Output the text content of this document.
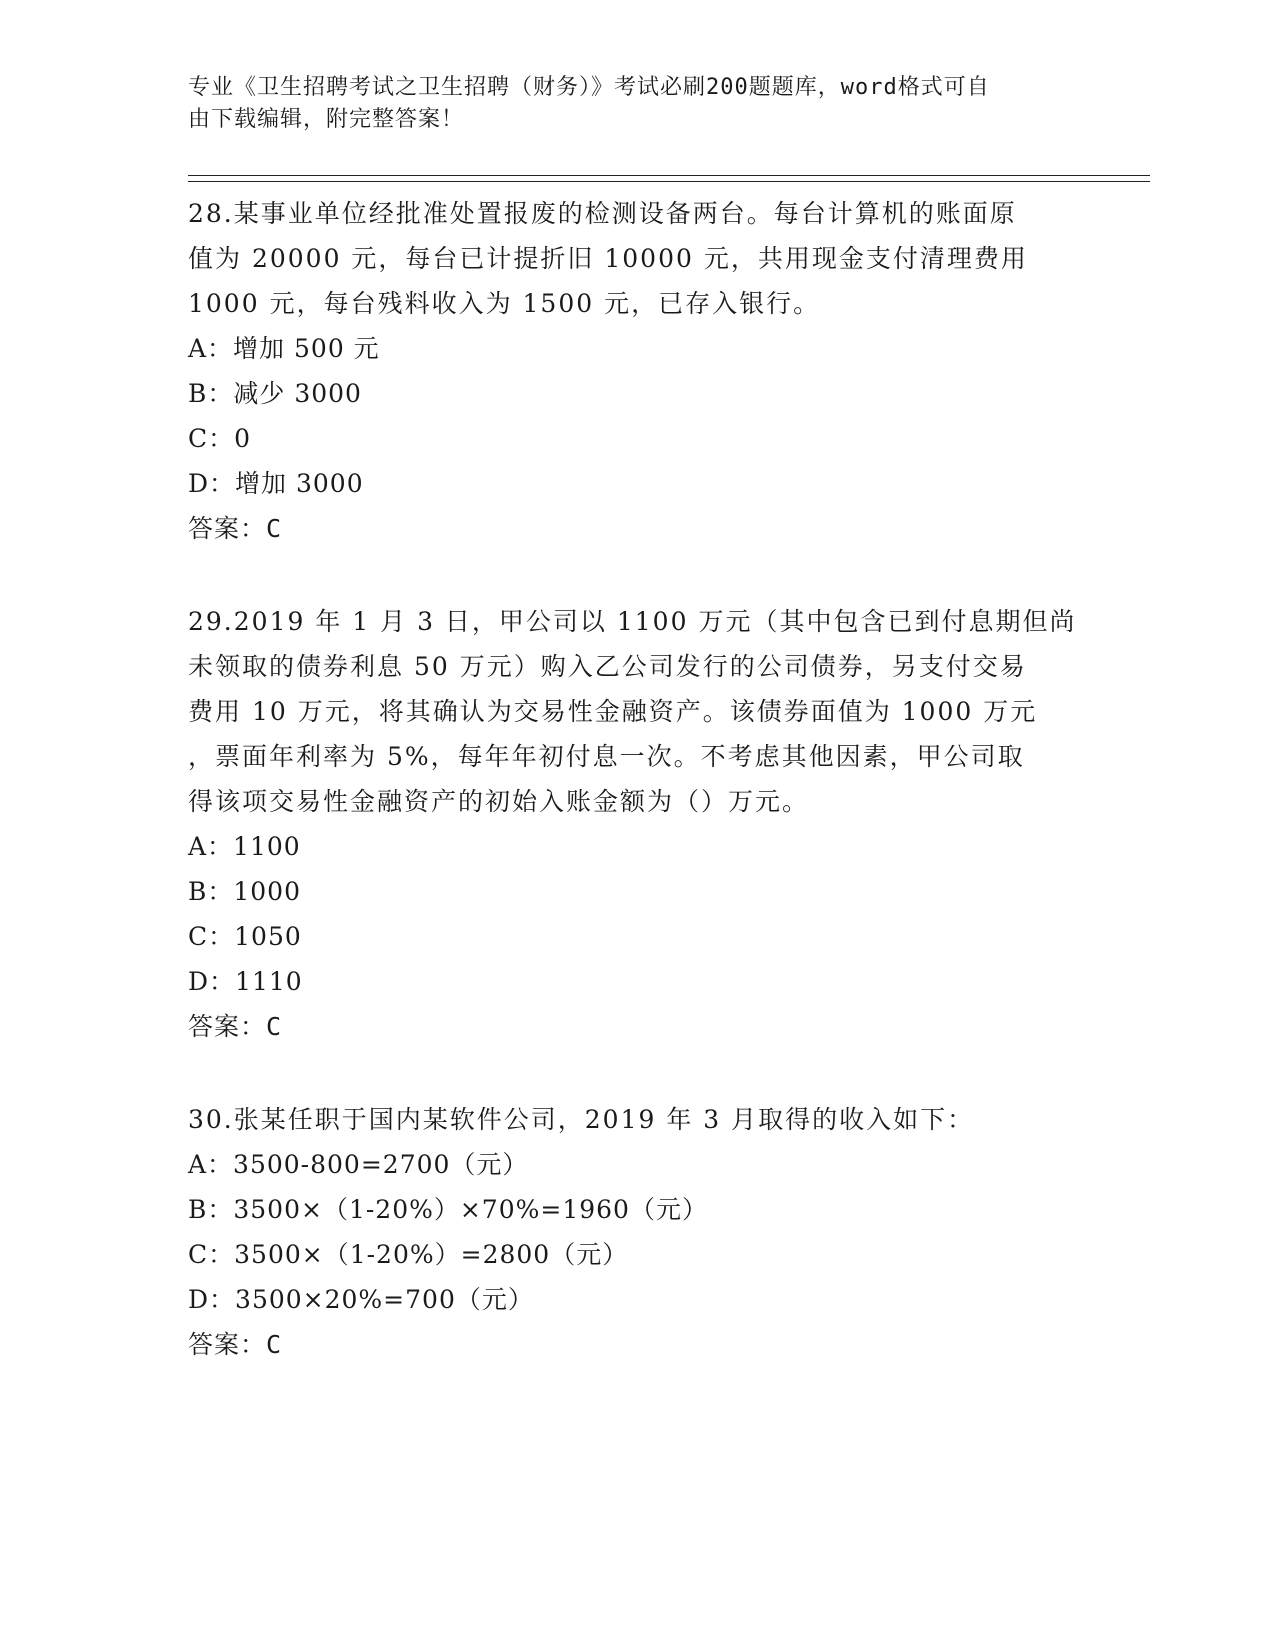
专业《卫生招聘考试之卫生招聘（财务）》考试必刷200题题库，word格式可自
由下载编辑，附完整答案！

28.某事业单位经批准处置报废的检测设备两台。每台计算机的账面原

值为 20000 元，每台已计提折旧 10000 元，共用现金支付清理费用

1000 元，每台残料收入为 1500 元，已存入银行。

A：增加 500 元

B：减少 3000

C：0

D：增加 3000

答案：C

29.2019 年 1 月 3 日，甲公司以 1100 万元（其中包含已到付息期但尚

未领取的债券利息 50 万元）购入乙公司发行的公司债券，另支付交易

费用 10 万元，将其确认为交易性金融资产。该债券面值为 1000 万元

，票面年利率为 5%，每年年初付息一次。不考虑其他因素，甲公司取

得该项交易性金融资产的初始入账金额为（）万元。

A：1100

B：1000

C：1050

D：1110

答案：C

30.张某任职于国内某软件公司，2019 年 3 月取得的收入如下：

A：3500-800=2700（元）

B：3500×（1-20%）×70%=1960（元）

C：3500×（1-20%）=2800（元）

D：3500×20%=700（元）

答案：C
